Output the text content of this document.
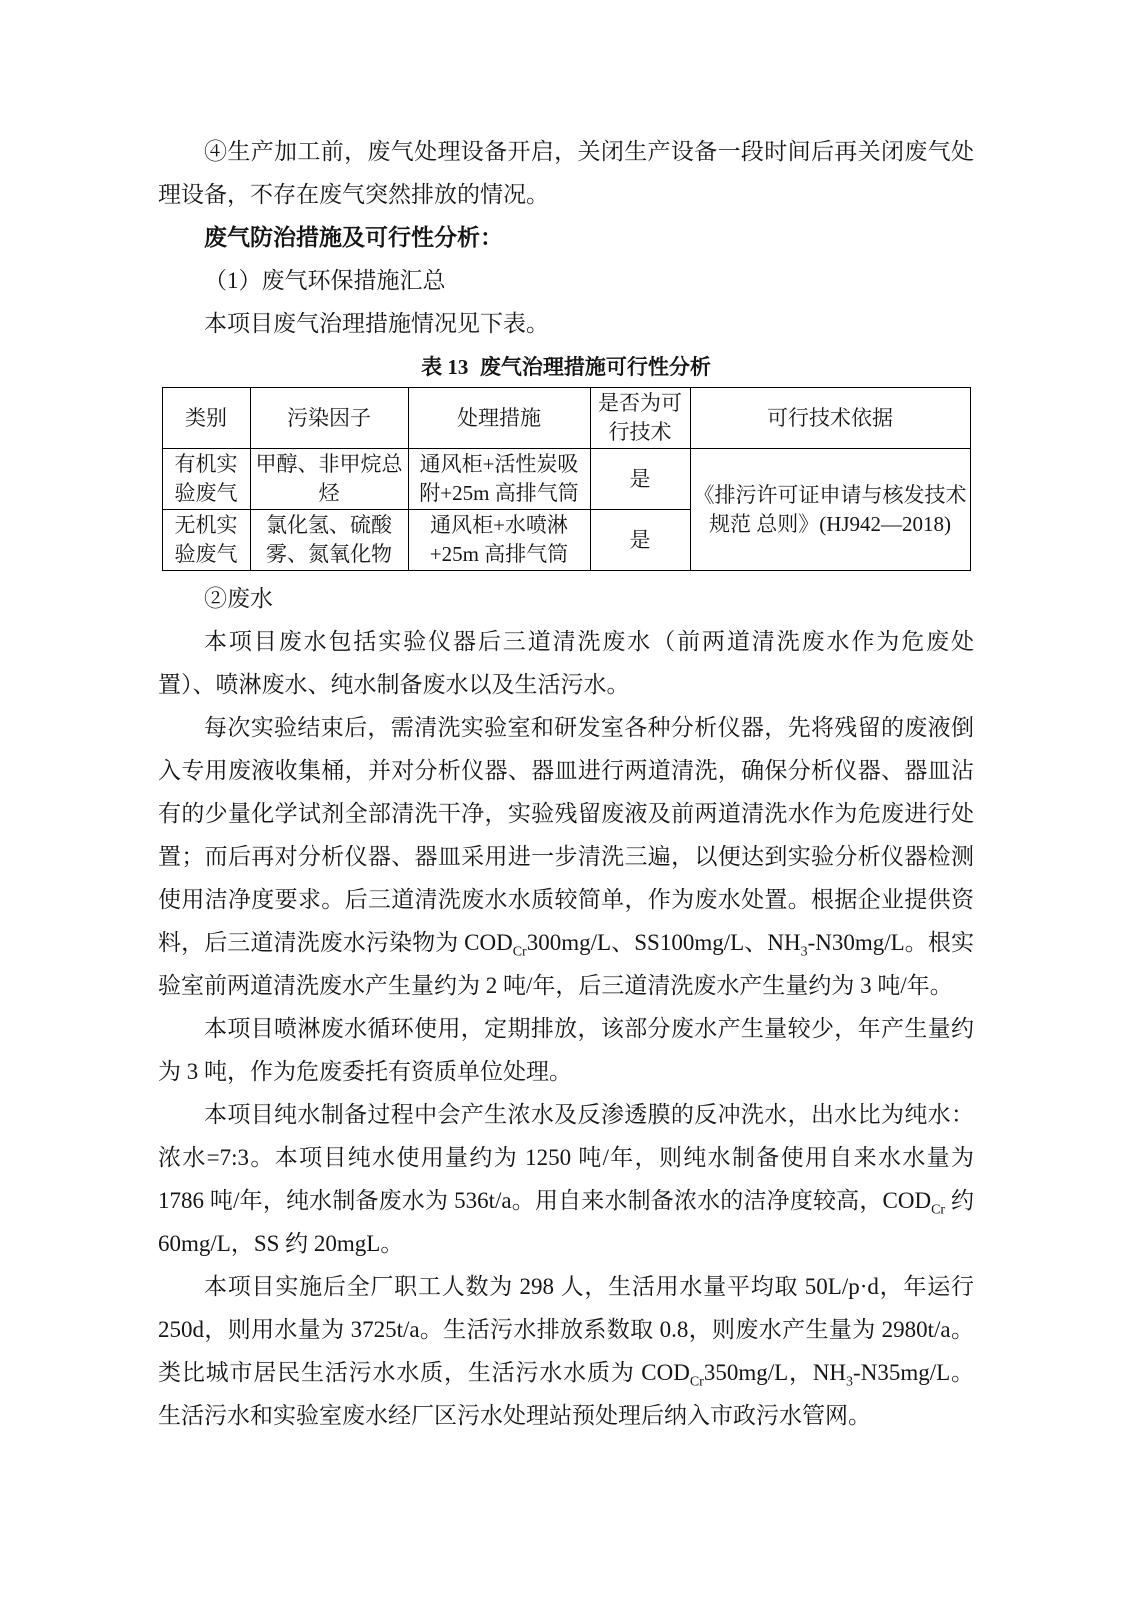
④生产加工前，废气处理设备开启，关闭生产设备一段时间后再关闭废气处理设备，不存在废气突然排放的情况。

废气防治措施及可行性分析：

（1）废气环保措施汇总

本项目废气治理措施情况见下表。

表 13 废气治理措施可行性分析
类别	污染因子	处理措施	是否为可行技术	可行技术依据
有机实验废气	甲醇、非甲烷总烃	通风柜+活性炭吸附+25m 高排气筒	是	《排污许可证申请与核发技术规范 总则》(HJ942—2018)
无机实验废气	氯化氢、硫酸雾、氮氧化物	通风柜+水喷淋+25m 高排气筒	是	

②废水

本项目废水包括实验仪器后三道清洗废水（前两道清洗废水作为危废处置）、喷淋废水、纯水制备废水以及生活污水。

每次实验结束后，需清洗实验室和研发室各种分析仪器，先将残留的废液倒入专用废液收集桶，并对分析仪器、器皿进行两道清洗，确保分析仪器、器皿沾有的少量化学试剂全部清洗干净，实验残留废液及前两道清洗水作为危废进行处置；而后再对分析仪器、器皿采用进一步清洗三遍，以便达到实验分析仪器检测使用洁净度要求。后三道清洗废水水质较简单，作为废水处置。根据企业提供资料，后三道清洗废水污染物为 $COD_{Cr}300mg/L$、SS100mg/L、$NH_3-N30mg/L$。根实验室前两道清洗废水产生量约为 2 吨/年，后三道清洗废水产生量约为 3 吨/年。

本项目喷淋废水循环使用，定期排放，该部分废水产生量较少，年产生量约为 3 吨，作为危废委托有资质单位处理。

本项目纯水制备过程中会产生浓水及反渗透膜的反冲洗水，出水比为纯水：浓水=7:3。本项目纯水使用量约为 1250 吨/年，则纯水制备使用自来水水量为 1786 吨/年，纯水制备废水为 536t/a。用自来水制备浓水的洁净度较高，$COD_{Cr}$ 约 60mg/L，SS 约 20mgL。

本项目实施后全厂职工人数为 298 人，生活用水量平均取 50L/p·d，年运行 250d，则用水量为 3725t/a。生活污水排放系数取 0.8，则废水产生量为 2980t/a。类比城市居民生活污水水质，生活污水水质为 $COD_{Cr}350mg/L$，$NH_3-N35mg/L$。生活污水和实验室废水经厂区污水处理站预处理后纳入市政污水管网。
